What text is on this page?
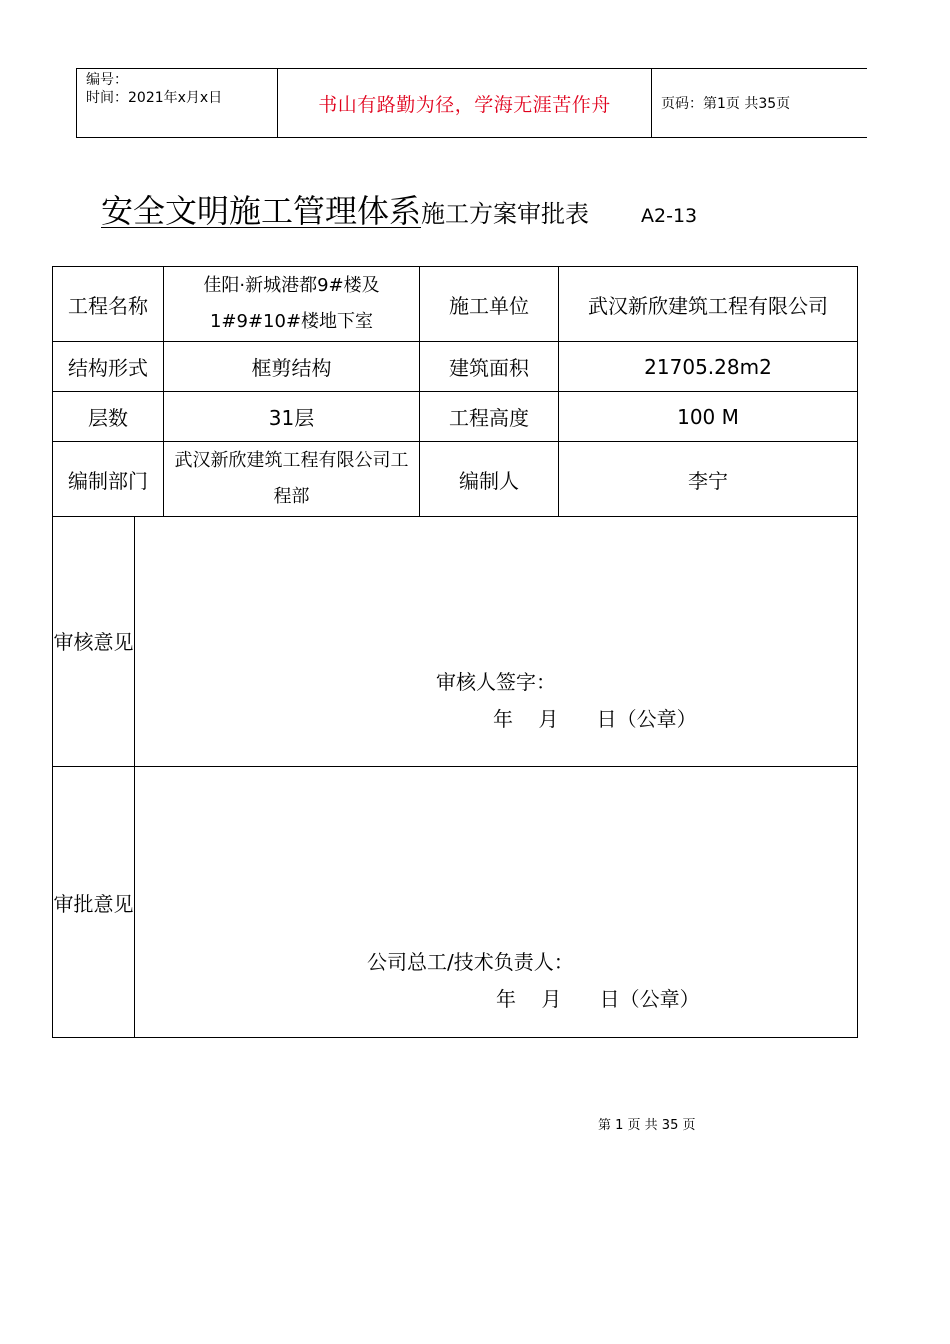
编号：
时间：2021年x月x日	书山有路勤为径，学海无涯苦作舟	页码：第1页 共35页
安全文明施工管理体系 施工方案审批表	A2-13
工程名称		佳阳·新城港都9#楼及1#9#10#楼地下室	施工单位	武汉新欣建筑工程有限公司
结构形式		框剪结构	建筑面积	21705.28m2
层数		31层	工程高度	100 M
编制部门		武汉新欣建筑工程有限公司工程部	编制人	李宁
审核意见	审核人签字：
年    月      日（公章）			

审批意见	公司总工/技术负责人：
年    月      日（公章）			
第 1 页 共 35 页
